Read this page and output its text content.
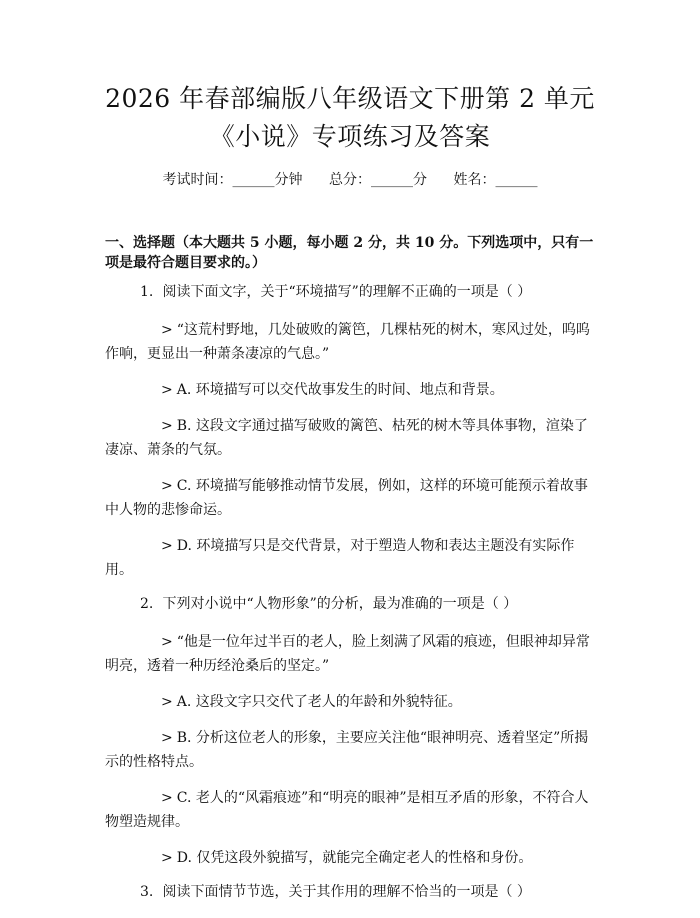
2026 年春部编版八年级语文下册第 2 单元
《小说》专项练习及答案
考试时间：______分钟 总分：______分 姓名：______
一、选择题（本大题共 5 小题，每小题 2 分，共 10 分。下列选项中，只有一项是最符合题目要求的。）
1. 阅读下面文字，关于“环境描写”的理解不正确的一项是（ ）
> “这荒村野地，几处破败的篱笆，几棵枯死的树木，寒风过处，呜呜作响，更显出一种萧条凄凉的气息。”
> A. 环境描写可以交代故事发生的时间、地点和背景。
> B. 这段文字通过描写破败的篱笆、枯死的树木等具体事物，渲染了凄凉、萧条的气氛。
> C. 环境描写能够推动情节发展，例如，这样的环境可能预示着故事中人物的悲惨命运。
> D. 环境描写只是交代背景，对于塑造人物和表达主题没有实际作用。
2. 下列对小说中“人物形象”的分析，最为准确的一项是（ ）
> “他是一位年过半百的老人，脸上刻满了风霜的痕迹，但眼神却异常明亮，透着一种历经沧桑后的坚定。”
> A. 这段文字只交代了老人的年龄和外貌特征。
> B. 分析这位老人的形象，主要应关注他“眼神明亮、透着坚定”所揭示的性格特点。
> C. 老人的“风霜痕迹”和“明亮的眼神”是相互矛盾的形象，不符合人物塑造规律。
> D. 仅凭这段外貌描写，就能完全确定老人的性格和身份。
3. 阅读下面情节节选，关于其作用的理解不恰当的一项是（ ）
